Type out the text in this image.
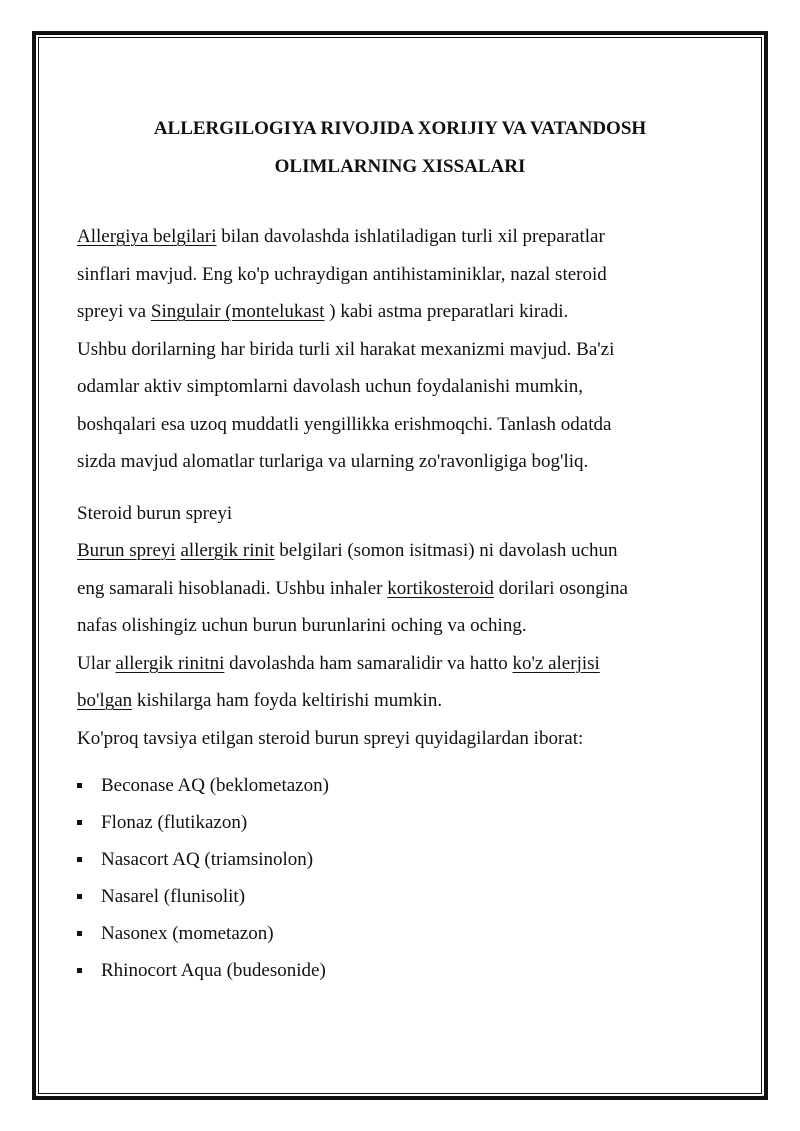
ALLERGILOGIYA RIVOJIDA XORIJIY VA VATANDOSH
OLIMLARNING XISSALARI
Allergiya belgilari bilan davolashda ishlatiladigan turli xil preparatlar
sinflari mavjud. Eng ko'p uchraydigan antihistaminiklar, nazal steroid
spreyi va Singulair (montelukast ) kabi astma preparatlari kiradi.
Ushbu dorilarning har birida turli xil harakat mexanizmi mavjud. Ba'zi
odamlar aktiv simptomlarni davolash uchun foydalanishi mumkin,
boshqalari esa uzoq muddatli yengillikka erishmoqchi. Tanlash odatda
sizda mavjud alomatlar turlariga va ularning zo'ravonligiga bog'liq.
Steroid burun spreyi
Burun spreyi allergik rinit belgilari (somon isitmasi) ni davolash uchun
eng samarali hisoblanadi. Ushbu inhaler kortikosteroid dorilari osongina
nafas olishingiz uchun burun burunlarini oching va oching.
Ular allergik rinitni davolashda ham samaralidir va hatto ko'z alerjisi
bo'lgan kishilarga ham foyda keltirishi mumkin.
Ko'proq tavsiya etilgan steroid burun spreyi quyidagilardan iborat:
Beconase AQ (beklometazon)
Flonaz (flutikazon)
Nasacort AQ (triamsinolon)
Nasarel (flunisolit)
Nasonex (mometazon)
Rhinocort Aqua (budesonide)
